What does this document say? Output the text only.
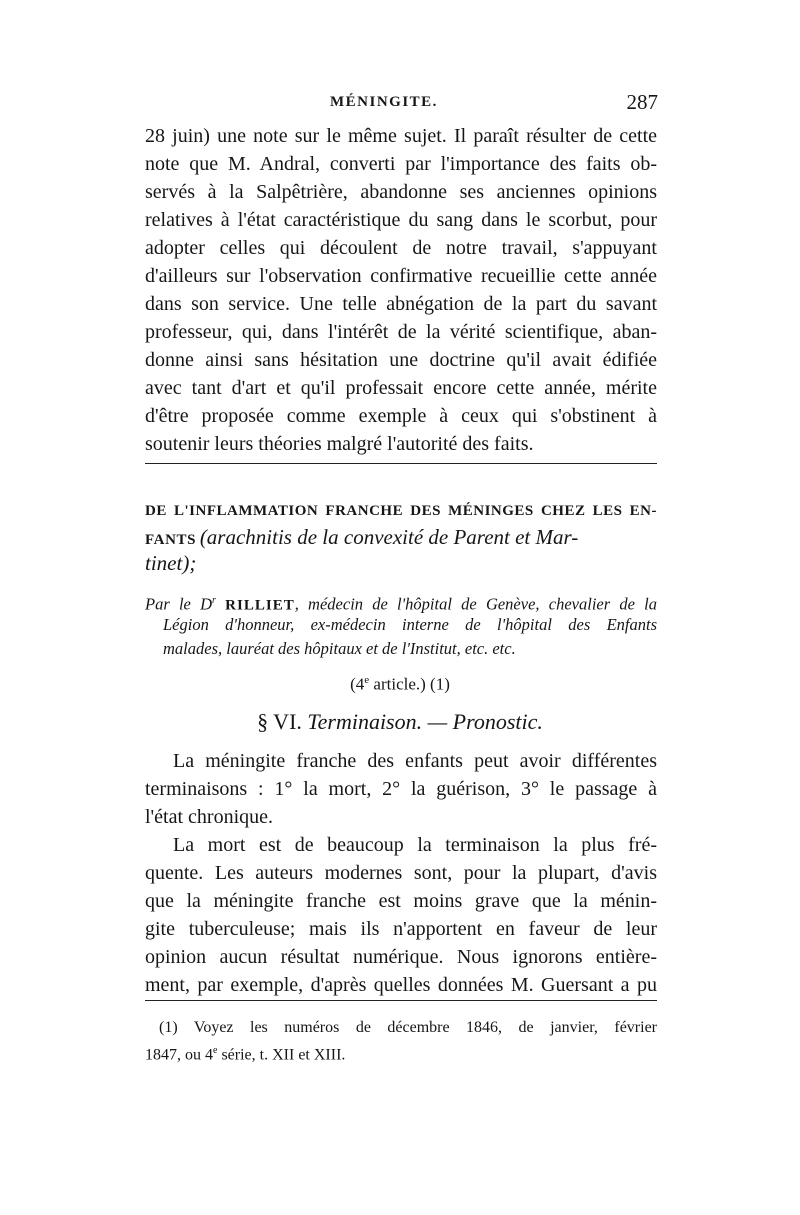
MÉNINGITE.	287
28 juin) une note sur le même sujet. Il paraît résulter de cette
note que M. Andral, converti par l'importance des faits ob-
servés à la Salpêtrière, abandonne ses anciennes opinions
relatives à l'état caractéristique du sang dans le scorbut, pour
adopter celles qui découlent de notre travail, s'appuyant
d'ailleurs sur l'observation confirmative recueillie cette année
dans son service. Une telle abnégation de la part du savant
professeur, qui, dans l'intérêt de la vérité scientifique, aban-
donne ainsi sans hésitation une doctrine qu'il avait édifiée
avec tant d'art et qu'il professait encore cette année, mérite
d'être proposée comme exemple à ceux qui s'obstinent à
soutenir leurs théories malgré l'autorité des faits.
DE L'INFLAMMATION FRANCHE DES MÉNINGES CHEZ LES EN-
FANTS (arachnitis de la convexité de Parent et Mar-
tinet);
Par le $D^r$ RILLIET, médecin de l'hôpital de Genève, chevalier de la
Légion d'honneur, ex-médecin interne de l'hôpital des Enfants
malades, lauréat des hôpitaux et de l'Institut, etc. etc.
(4e article.) (1)
§ VI. Terminaison. — Pronostic.
La méningite franche des enfants peut avoir différentes
terminaisons : 1° la mort, 2° la guérison, 3° le passage à
l'état chronique.
La mort est de beaucoup la terminaison la plus fré-
quente. Les auteurs modernes sont, pour la plupart, d'avis
que la méningite franche est moins grave que la ménin-
gite tuberculeuse; mais ils n'apportent en faveur de leur
opinion aucun résultat numérique. Nous ignorons entière-
ment, par exemple, d'après quelles données M. Guersant a pu
(1) Voyez les numéros de décembre 1846, de janvier, février
1847, ou 4e série, t. XII et XIII.
